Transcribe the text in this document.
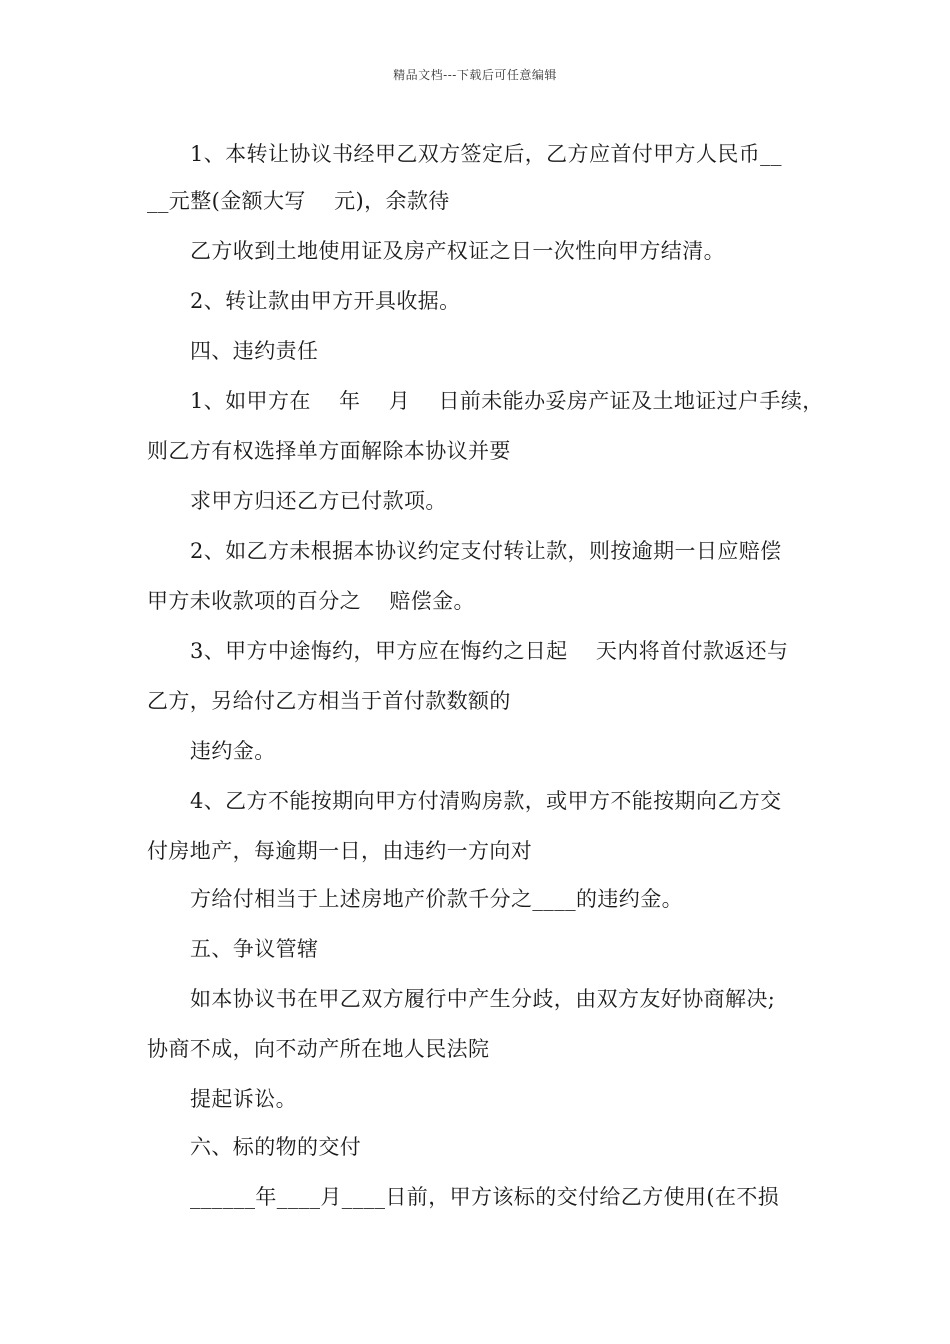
精品文档---下载后可任意编辑
1、本转让协议书经甲乙双方签定后，乙方应首付甲方人民币__
__元整(金额大写    元)，余款待
乙方收到土地使用证及房产权证之日一次性向甲方结清。
2、转让款由甲方开具收据。
四、违约责任
1、如甲方在    年    月    日前未能办妥房产证及土地证过户手续，
则乙方有权选择单方面解除本协议并要
求甲方归还乙方已付款项。
2、如乙方未根据本协议约定支付转让款，则按逾期一日应赔偿
甲方未收款项的百分之    赔偿金。
3、甲方中途悔约，甲方应在悔约之日起    天内将首付款返还与
乙方，另给付乙方相当于首付款数额的
违约金。
4、乙方不能按期向甲方付清购房款，或甲方不能按期向乙方交
付房地产，每逾期一日，由违约一方向对
方给付相当于上述房地产价款千分之____的违约金。
五、争议管辖
如本协议书在甲乙双方履行中产生分歧，由双方友好协商解决;
协商不成，向不动产所在地人民法院
提起诉讼。
六、标的物的交付
______年____月____日前，甲方该标的交付给乙方使用(在不损
